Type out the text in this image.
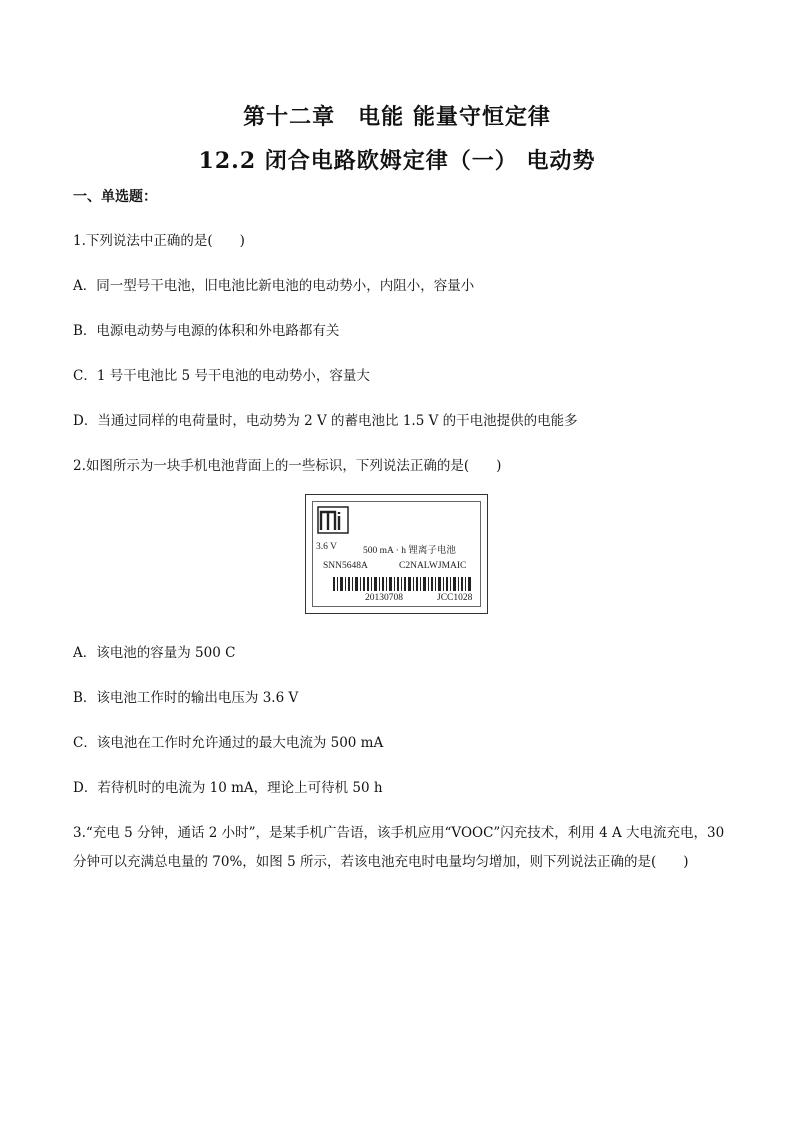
第十二章　电能 能量守恒定律
12.2 闭合电路欧姆定律（一） 电动势
一、单选题：
1.下列说法中正确的是(　　)
A．同一型号干电池，旧电池比新电池的电动势小，内阻小，容量小
B．电源电动势与电源的体积和外电路都有关
C．1 号干电池比 5 号干电池的电动势小，容量大
D．当通过同样的电荷量时，电动势为 2 V 的蓄电池比 1.5 V 的干电池提供的电能多
2.如图所示为一块手机电池背面上的一些标识，下列说法正确的是(　　)
3.6 V	500 mA · h 锂离子电池
SNN5648A	C2NALWJMAIC
20130708	JCC1028
A．该电池的容量为 500 C
B．该电池工作时的输出电压为 3.6 V
C．该电池在工作时允许通过的最大电流为 500 mA
D．若待机时的电流为 10 mA，理论上可待机 50 h
3.“充电 5 分钟，通话 2 小时”，是某手机广告语，该手机应用“VOOC”闪充技术，利用 4 A 大电流充电，30 分钟可以充满总电量的 70%，如图 5 所示，若该电池充电时电量均匀增加，则下列说法正确的是(　　)
